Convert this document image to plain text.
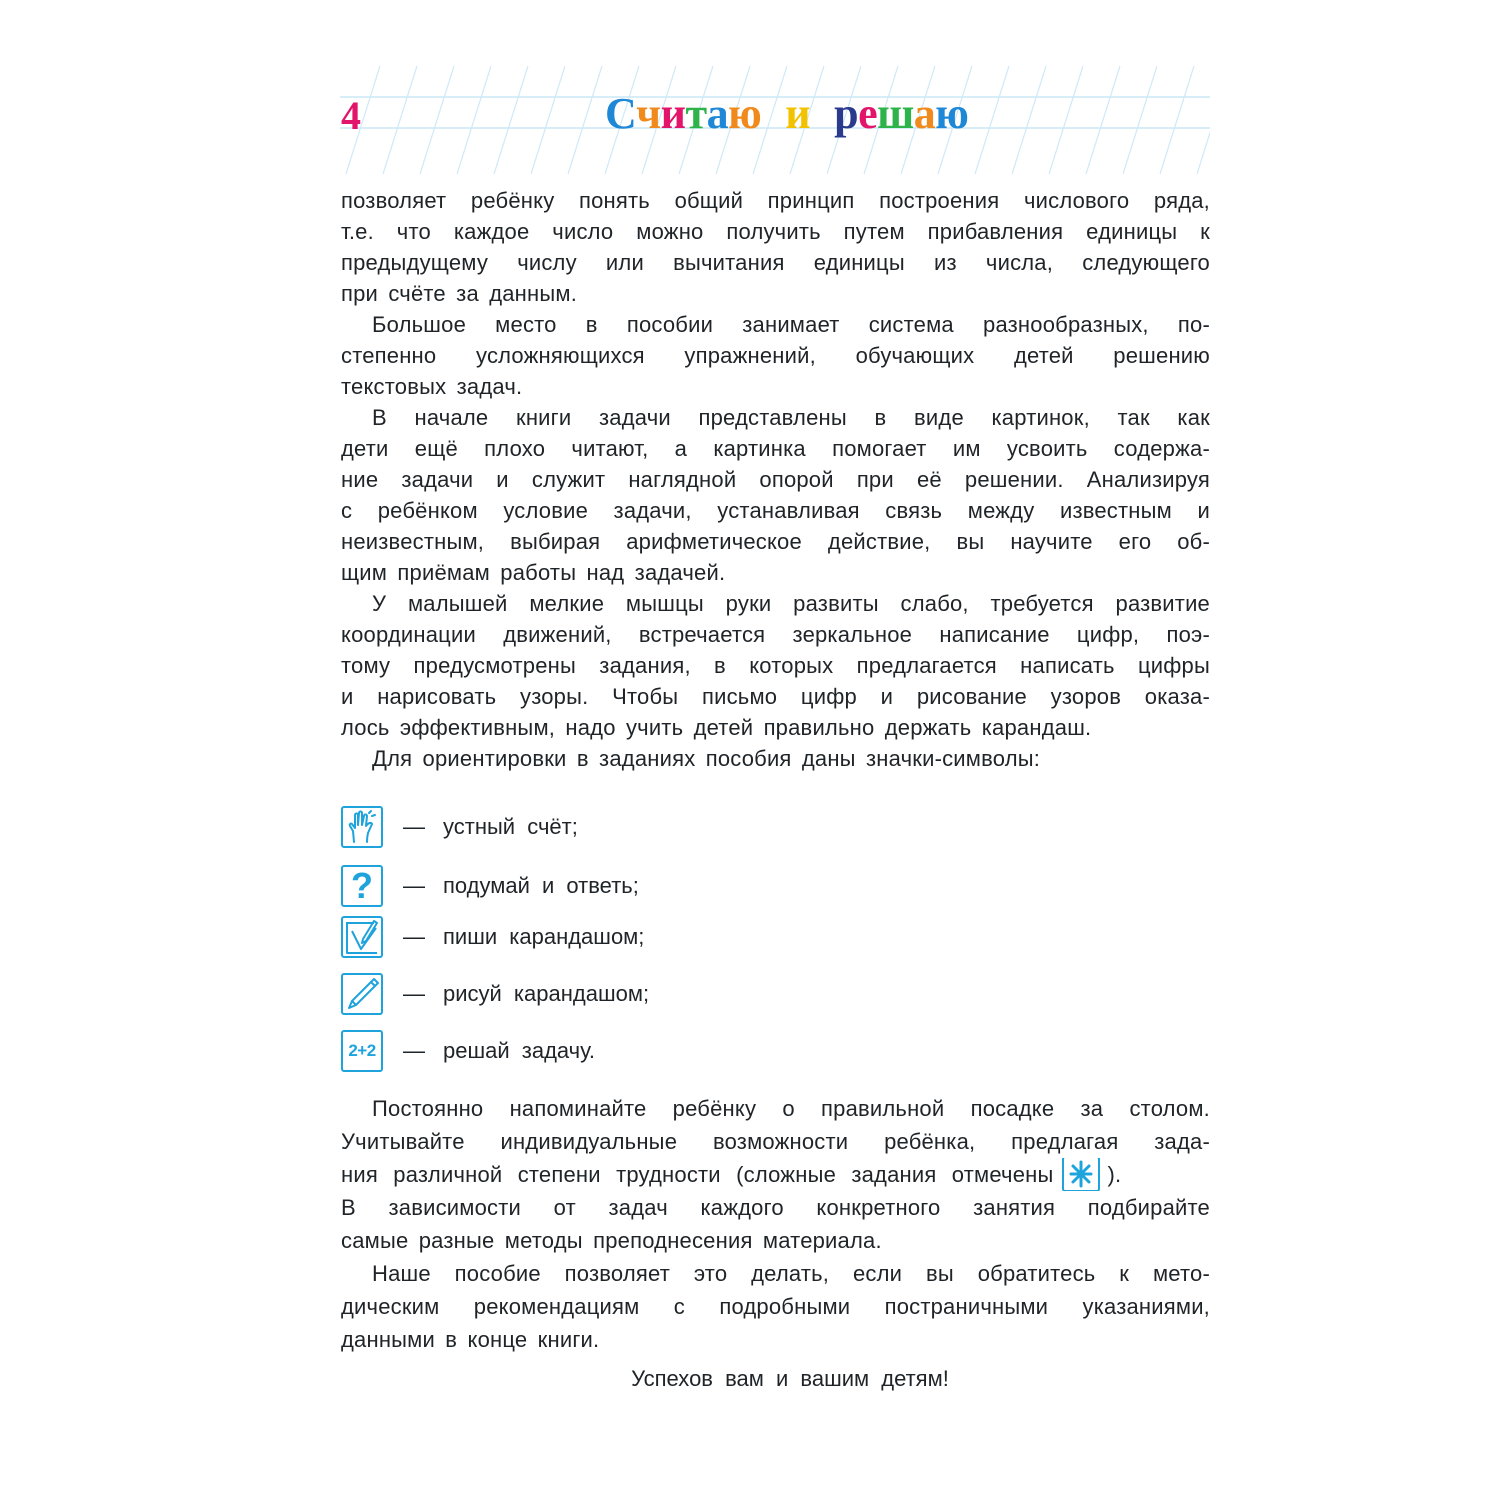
4	Считаю и решаю
позволяет ребёнку понять общий принцип построения числового ряда,
т.е. что каждое число можно получить путем прибавления единицы к
предыдущему числу или вычитания единицы из числа, следующего
при счёте за данным.
Большое место в пособии занимает система разнообразных, по-
степенно усложняющихся упражнений, обучающих детей решению
текстовых задач.
В начале книги задачи представлены в виде картинок, так как
дети ещё плохо читают, а картинка помогает им усвоить содержа-
ние задачи и служит наглядной опорой при её решении. Анализируя
с ребёнком условие задачи, устанавливая связь между известным и
неизвестным, выбирая арифметическое действие, вы научите его об-
щим приёмам работы над задачей.
У малышей мелкие мышцы руки развиты слабо, требуется развитие
координации движений, встречается зеркальное написание цифр, поэ-
тому предусмотрены задания, в которых предлагается написать цифры
и нарисовать узоры. Чтобы письмо цифр и рисование узоров оказа-
лось эффективным, надо учить детей правильно держать карандаш.
Для ориентировки в заданиях пособия даны значки-символы:
— устный счёт;
? — подумай и ответь;
— пиши карандашом;
— рисуй карандашом;
2+2 — решай задачу.
Постоянно напоминайте ребёнку о правильной посадке за столом.
Учитывайте индивидуальные возможности ребёнка, предлагая зада-
ния различной степени трудности (сложные задания отмечены ).
В зависимости от задач каждого конкретного занятия подбирайте
самые разные методы преподнесения материала.
Наше пособие позволяет это делать, если вы обратитесь к мето-
дическим рекомендациям с подробными постраничными указаниями,
данными в конце книги.
Успехов вам и вашим детям!
